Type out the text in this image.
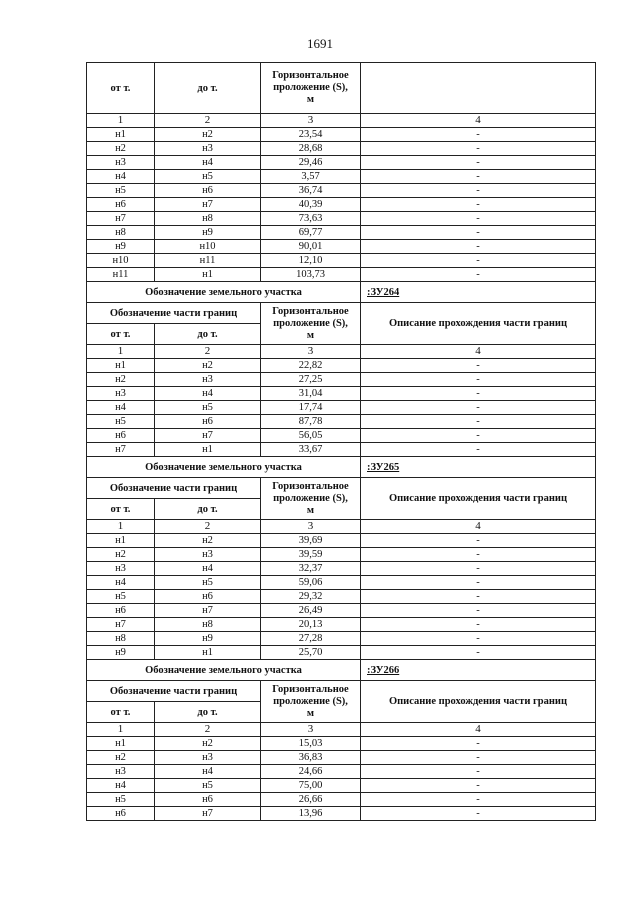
1691
от т.	до т.	Горизонтальное
проложение (S),
м	
1	2	3	4
н1	н2	23,54	-
н2	н3	28,68	-
н3	н4	29,46	-
н4	н5	3,57	-
н5	н6	36,74	-
н6	н7	40,39	-
н7	н8	73,63	-
н8	н9	69,77	-
н9	н10	90,01	-
н10	н11	12,10	-
н11	н1	103,73	-
Обозначение земельного участка			:ЗУ264
Обозначение части границ		Горизонтальное
проложение (S),
м	Описание прохождения части границ
от т.	до т.		
1	2	3	4
н1	н2	22,82	-
н2	н3	27,25	-
н3	н4	31,04	-
н4	н5	17,74	-
н5	н6	87,78	-
н6	н7	56,05	-
н7	н1	33,67	-
Обозначение земельного участка			:ЗУ265
Обозначение части границ		Горизонтальное
проложение (S),
м	Описание прохождения части границ
от т.	до т.		
1	2	3	4
н1	н2	39,69	-
н2	н3	39,59	-
н3	н4	32,37	-
н4	н5	59,06	-
н5	н6	29,32	-
н6	н7	26,49	-
н7	н8	20,13	-
н8	н9	27,28	-
н9	н1	25,70	-
Обозначение земельного участка			:ЗУ266
Обозначение части границ		Горизонтальное
проложение (S),
м	Описание прохождения части границ
от т.	до т.		
1	2	3	4
н1	н2	15,03	-
н2	н3	36,83	-
н3	н4	24,66	-
н4	н5	75,00	-
н5	н6	26,66	-
н6	н7	13,96	-
